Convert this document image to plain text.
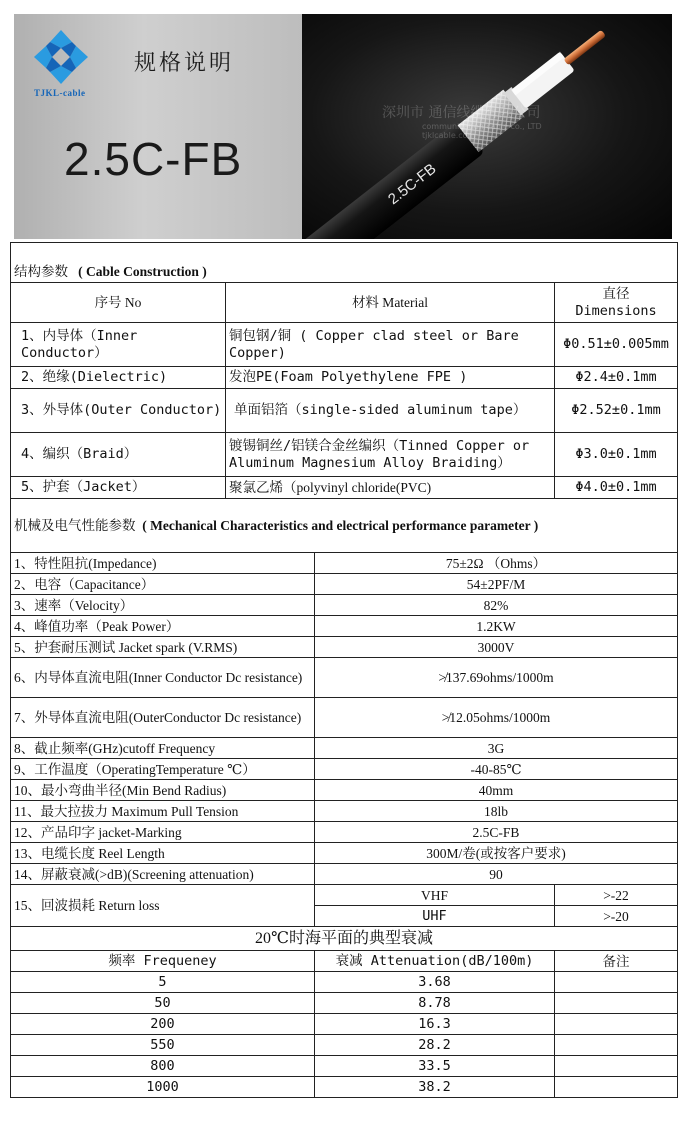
TJKL-cable
规格说明
2.5C-FB	2.5C-FB
深圳市 通信线缆有限公司
communication cable co., LTD
tjklcable.com
结构参数 ( Cable Construction )			
序号 No	材料 Material		直径
Dimensions

1、内导体（Inner Conductor）	铜包钢/铜 ( Copper clad steel or Bare Copper)		Φ0.51±0.005mm
2、绝缘(Dielectric)	发泡PE(Foam Polyethylene FPE )		Φ2.4±0.1mm
3、外导体(Outer Conductor)	单面铝箔（single-sided aluminum tape）		Φ2.52±0.1mm
4、编织（Braid）	镀锡铜丝/铝镁合金丝编织（Tinned Copper or Aluminum Magnesium Alloy Braiding）		Φ3.0±0.1mm
5、护套（Jacket）	聚氯乙烯（polyvinyl chloride(PVC)		Φ4.0±0.1mm
机械及电气性能参数 ( Mechanical Characteristics and electrical performance parameter )			
1、特性阻抗(Impedance)		75±2Ω （Ohms）	
2、电容（Capacitance）		54±2PF/M	
3、速率（Velocity）		82%	
4、峰值功率（Peak Power）		1.2KW	
5、护套耐压测试 Jacket spark (V.RMS)		3000V	
6、内导体直流电阻(Inner Conductor Dc resistance)		≯137.69ohms/1000m	
7、外导体直流电阻(OuterConductor Dc resistance)		≯12.05ohms/1000m	
8、截止频率(GHz)cutoff Frequency		3G	
9、工作温度（OperatingTemperature ℃）		-40-85℃	
10、最小弯曲半径(Min Bend Radius)		40mm	
11、最大拉拔力 Maximum Pull Tension		18lb	
12、产品印字 jacket-Marking		2.5C-FB	
13、电缆长度 Reel Length		300M/卷(或按客户要求)	
14、屏蔽衰减(>dB)(Screening attenuation)		90	
15、回波损耗 Return loss		VHF	>-22
		UHF	>-20
20℃时海平面的典型衰减			
频率 Frequeney		衰减 Attenuation(dB/100m)	备注
5		3.68	
50		8.78	
200		16.3	
550		28.2	
800		33.5	
1000		38.2	
